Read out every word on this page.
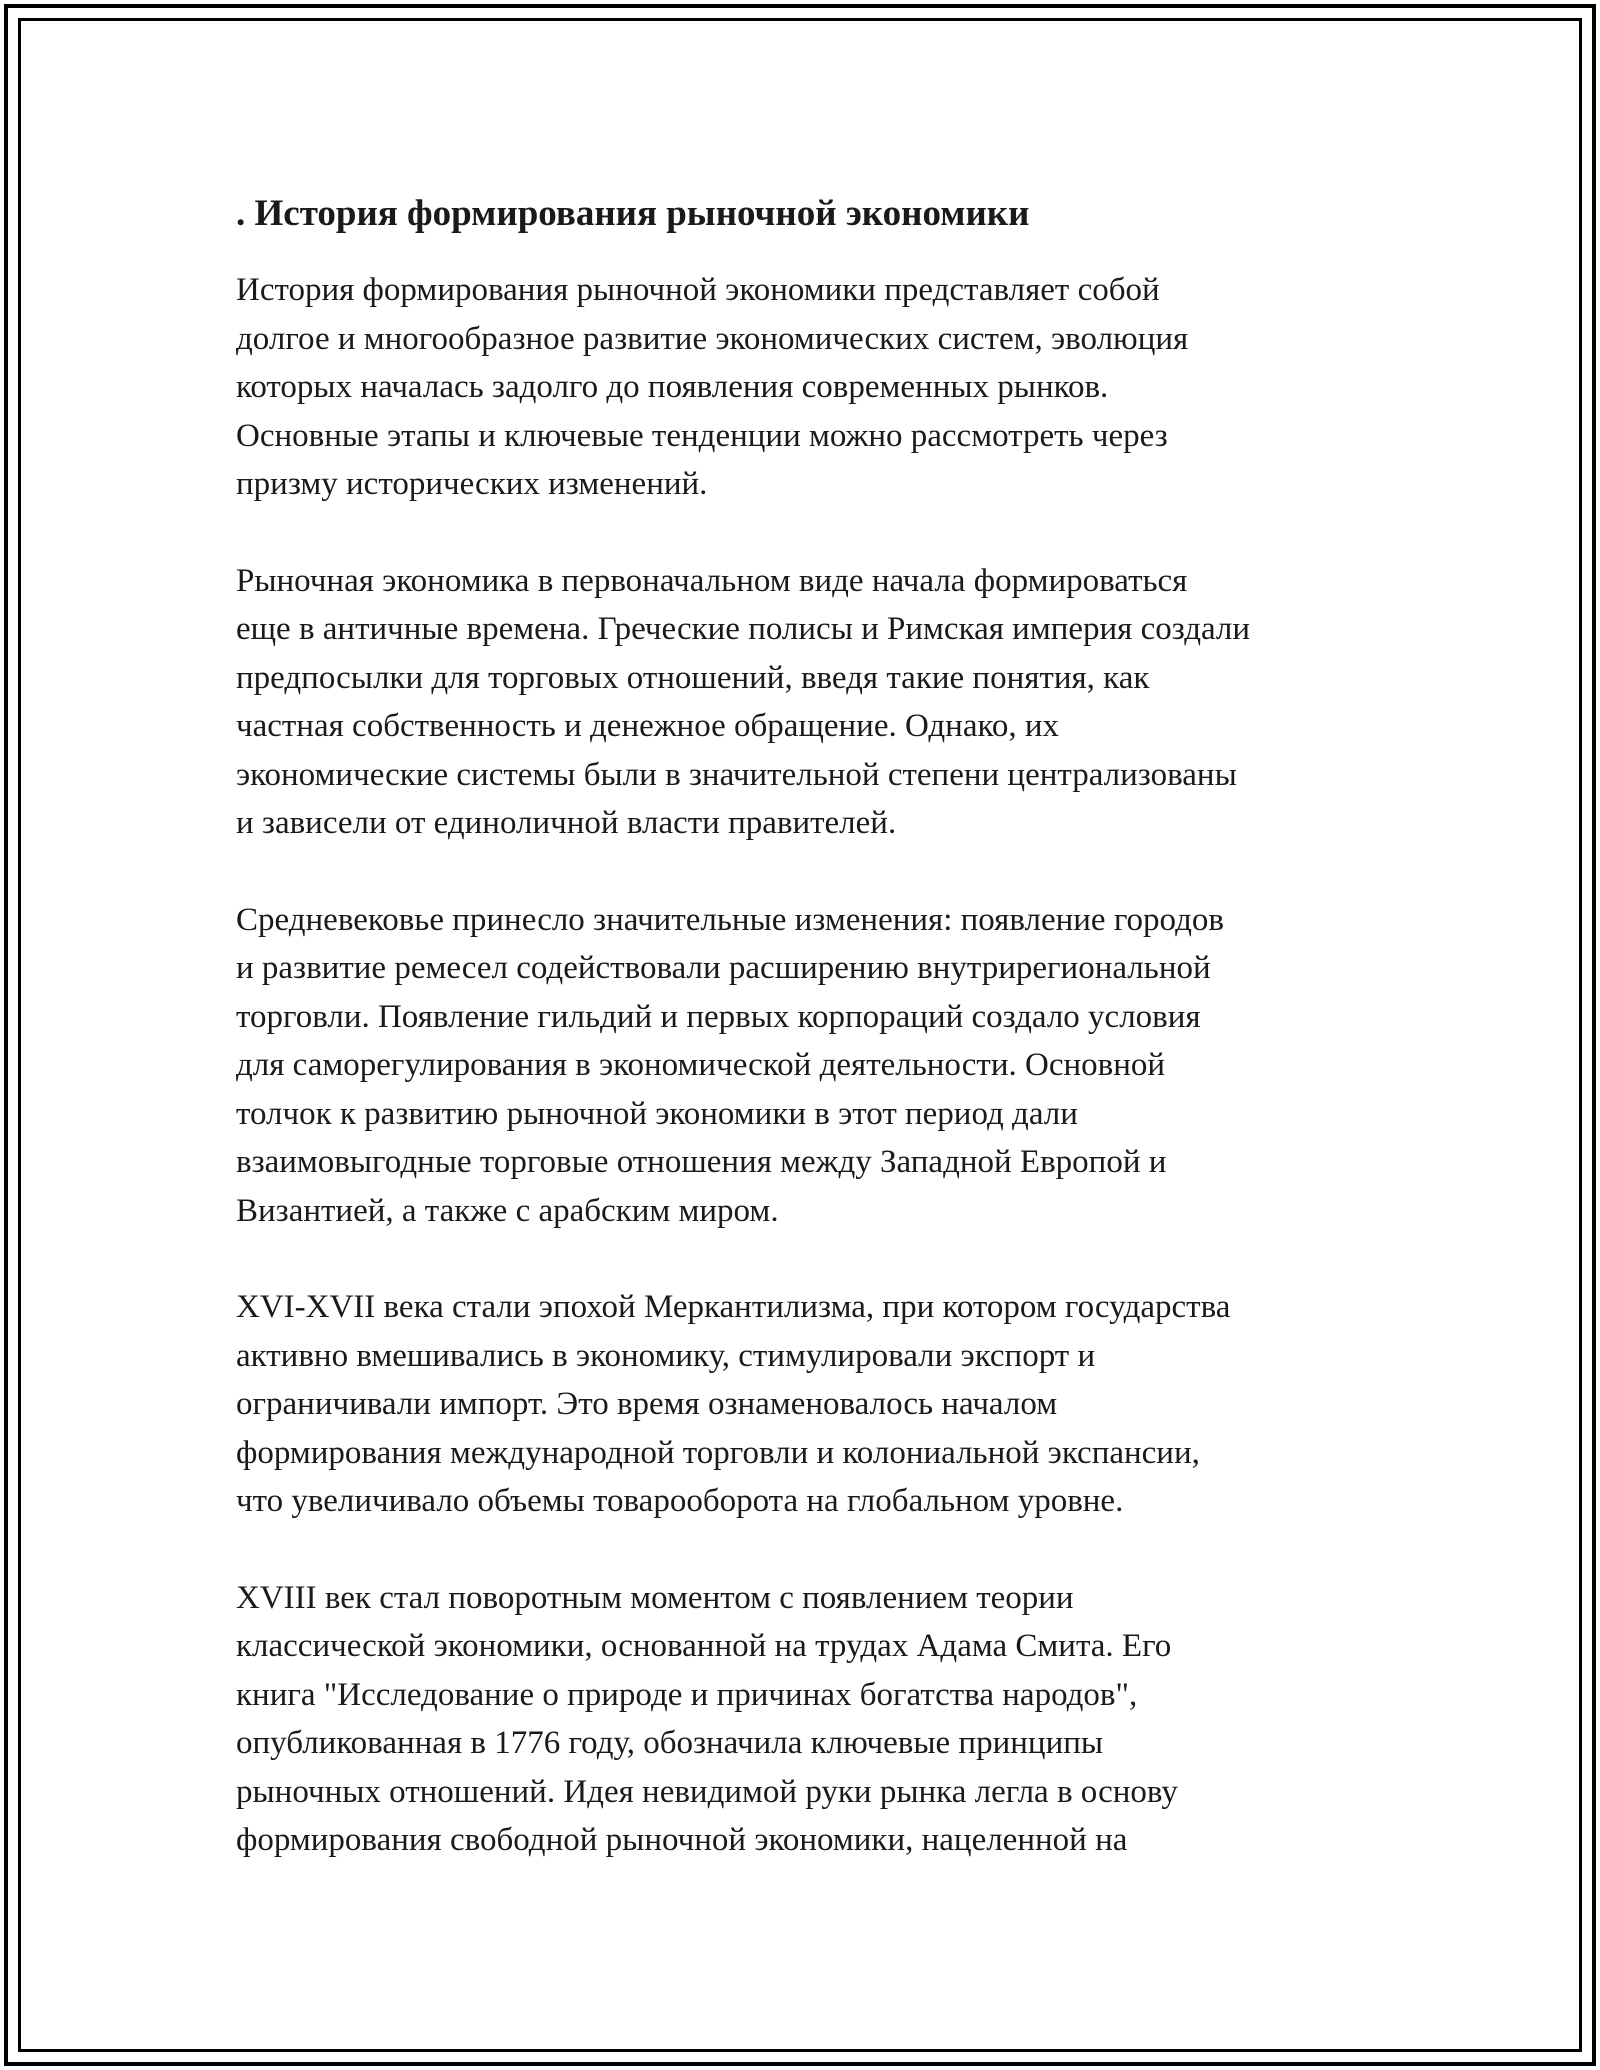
. История формирования рыночной экономики

История формирования рыночной экономики представляет собой
долгое и многообразное развитие экономических систем, эволюция
которых началась задолго до появления современных рынков.
Основные этапы и ключевые тенденции можно рассмотреть через
призму исторических изменений.

Рыночная экономика в первоначальном виде начала формироваться
еще в античные времена. Греческие полисы и Римская империя создали
предпосылки для торговых отношений, введя такие понятия, как
частная собственность и денежное обращение. Однако, их
экономические системы были в значительной степени централизованы
и зависели от единоличной власти правителей.

Средневековье принесло значительные изменения: появление городов
и развитие ремесел содействовали расширению внутрирегиональной
торговли. Появление гильдий и первых корпораций создало условия
для саморегулирования в экономической деятельности. Основной
толчок к развитию рыночной экономики в этот период дали
взаимовыгодные торговые отношения между Западной Европой и
Византией, а также с арабским миром.

XVI-XVII века стали эпохой Меркантилизма, при котором государства
активно вмешивались в экономику, стимулировали экспорт и
ограничивали импорт. Это время ознаменовалось началом
формирования международной торговли и колониальной экспансии,
что увеличивало объемы товарооборота на глобальном уровне.

XVIII век стал поворотным моментом с появлением теории
классической экономики, основанной на трудах Адама Смита. Его
книга "Исследование о природе и причинах богатства народов",
опубликованная в 1776 году, обозначила ключевые принципы
рыночных отношений. Идея невидимой руки рынка легла в основу
формирования свободной рыночной экономики, нацеленной на
